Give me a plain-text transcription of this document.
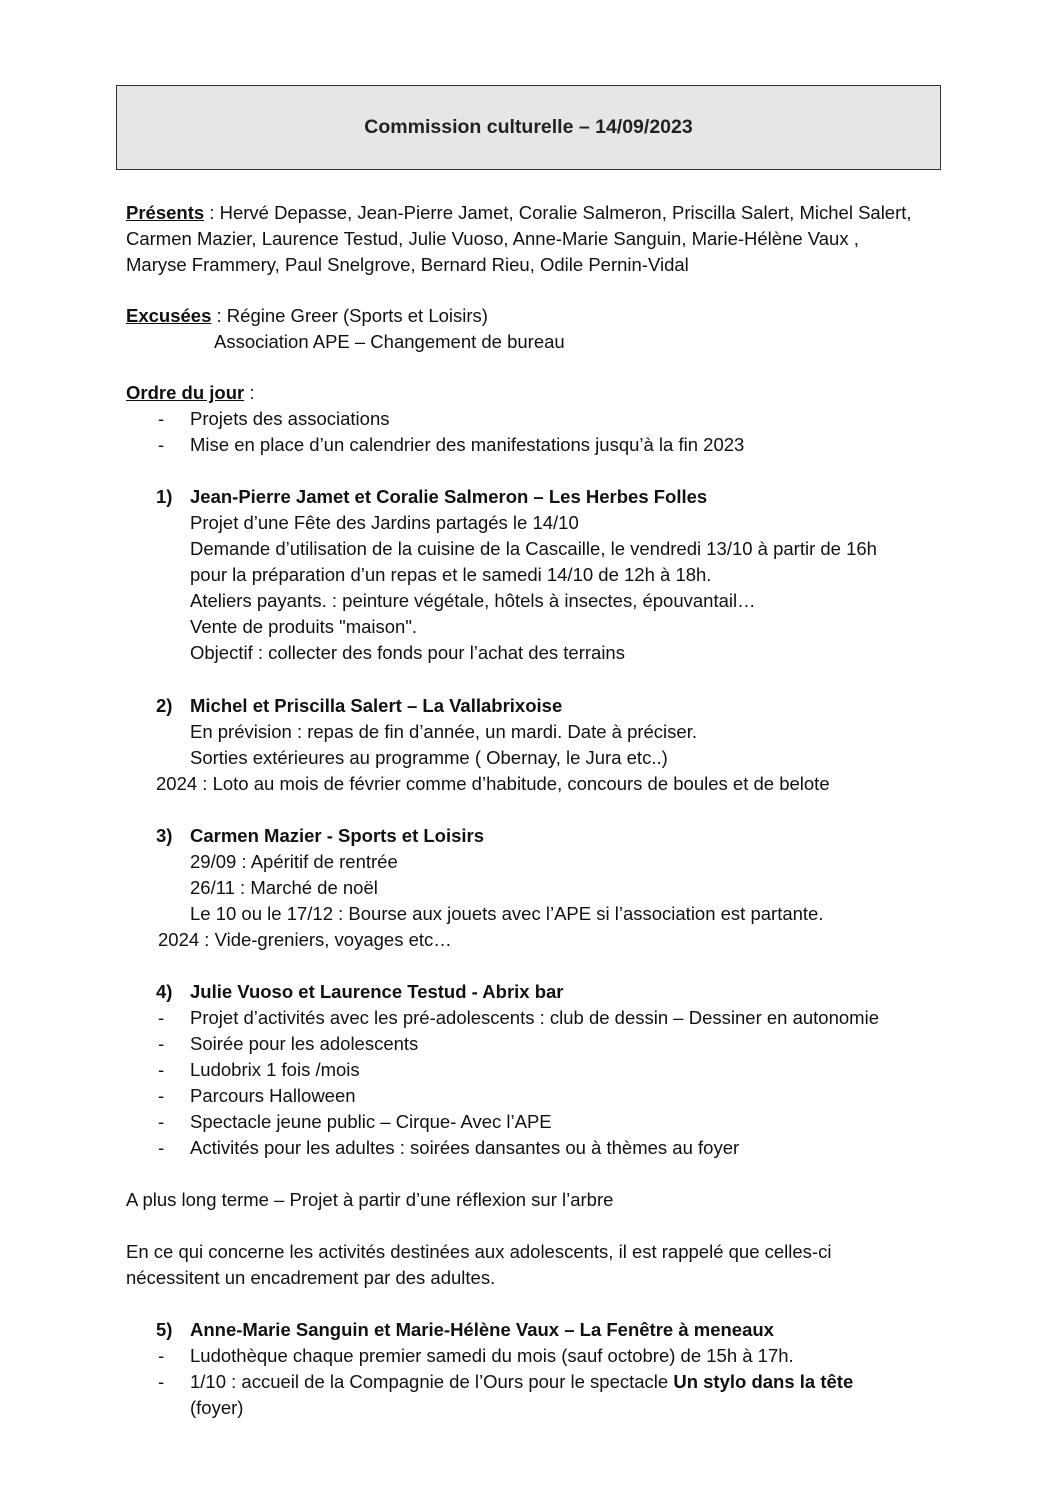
Commission culturelle – 14/09/2023
Présents : Hervé Depasse, Jean-Pierre Jamet, Coralie Salmeron, Priscilla Salert, Michel Salert,
Carmen Mazier, Laurence Testud, Julie Vuoso, Anne-Marie Sanguin, Marie-Hélène Vaux ,
Maryse Frammery, Paul Snelgrove, Bernard Rieu, Odile Pernin-Vidal
Excusées : Régine Greer (Sports et Loisirs)
Association APE – Changement de bureau
Ordre du jour :
- Projets des associations
- Mise en place d’un calendrier des manifestations jusqu’à la fin 2023
1) Jean-Pierre Jamet et Coralie Salmeron – Les Herbes Folles
Projet d’une Fête des Jardins partagés le 14/10
Demande d’utilisation de la cuisine de la Cascaille, le vendredi 13/10 à partir de 16h
pour la préparation d’un repas et le samedi 14/10 de 12h à 18h.
Ateliers payants. : peinture végétale, hôtels à insectes, épouvantail…
Vente de produits "maison".
Objectif : collecter des fonds pour l’achat des terrains
2) Michel et Priscilla Salert – La Vallabrixoise
En prévision : repas de fin d’année, un mardi. Date à préciser.
Sorties extérieures au programme ( Obernay, le Jura etc..)
2024 : Loto au mois de février comme d’habitude, concours de boules et de belote
3) Carmen Mazier - Sports et Loisirs
29/09 : Apéritif de rentrée
26/11 : Marché de noël
Le 10 ou le 17/12 : Bourse aux jouets avec l’APE si l’association est partante.
2024 : Vide-greniers, voyages etc…
4) Julie Vuoso et Laurence Testud - Abrix bar
- Projet d’activités avec les pré-adolescents : club de dessin – Dessiner en autonomie
- Soirée pour les adolescents
- Ludobrix 1 fois /mois
- Parcours Halloween
- Spectacle jeune public – Cirque- Avec l’APE
- Activités pour les adultes : soirées dansantes ou à thèmes au foyer
A plus long terme – Projet à partir d’une réflexion sur l’arbre
En ce qui concerne les activités destinées aux adolescents, il est rappelé que celles-ci
nécessitent un encadrement par des adultes.
5) Anne-Marie Sanguin et Marie-Hélène Vaux – La Fenêtre à meneaux
- Ludothèque chaque premier samedi du mois (sauf octobre) de 15h à 17h.
- 1/10 : accueil de la Compagnie de l’Ours pour le spectacle Un stylo dans la tête
(foyer)
